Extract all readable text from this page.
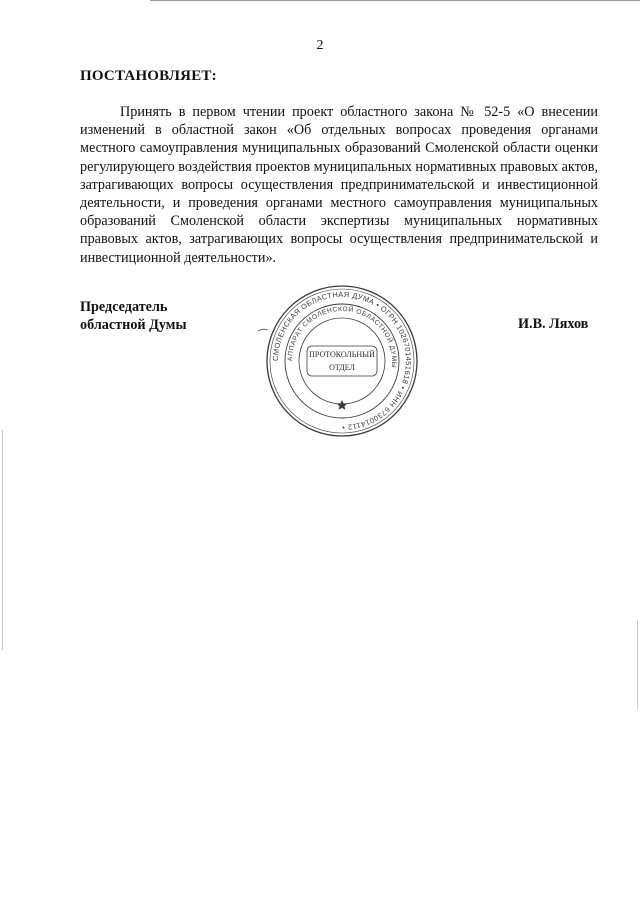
2
ПОСТАНОВЛЯЕТ:
Принять в первом чтении проект областного закона № 52-5 «О внесении изменений в областной закон «Об отдельных вопросах проведения органами местного самоуправления муниципальных образований Смоленской области оценки регулирующего воздействия проектов муниципальных нормативных правовых актов, затрагивающих вопросы осуществления предпринимательской и инвестиционной деятельности, и проведения органами местного самоуправления муниципальных образований Смоленской области экспертизы муниципальных нормативных правовых актов, затрагивающих вопросы осуществления предпринимательской и инвестиционной деятельности».
Председатель
областной Думы
СМОЛЕНСКАЯ ОБЛАСТНАЯ ДУМА • ОГРН 1026701451618 • ИНН 6730014112 •
АППАРАТ СМОЛЕНСКОЙ ОБЛАСТНОЙ ДУМЫ
ПРОТОКОЛЬНЫЙ
ОТДЕЛ
И.В. Ляхов
